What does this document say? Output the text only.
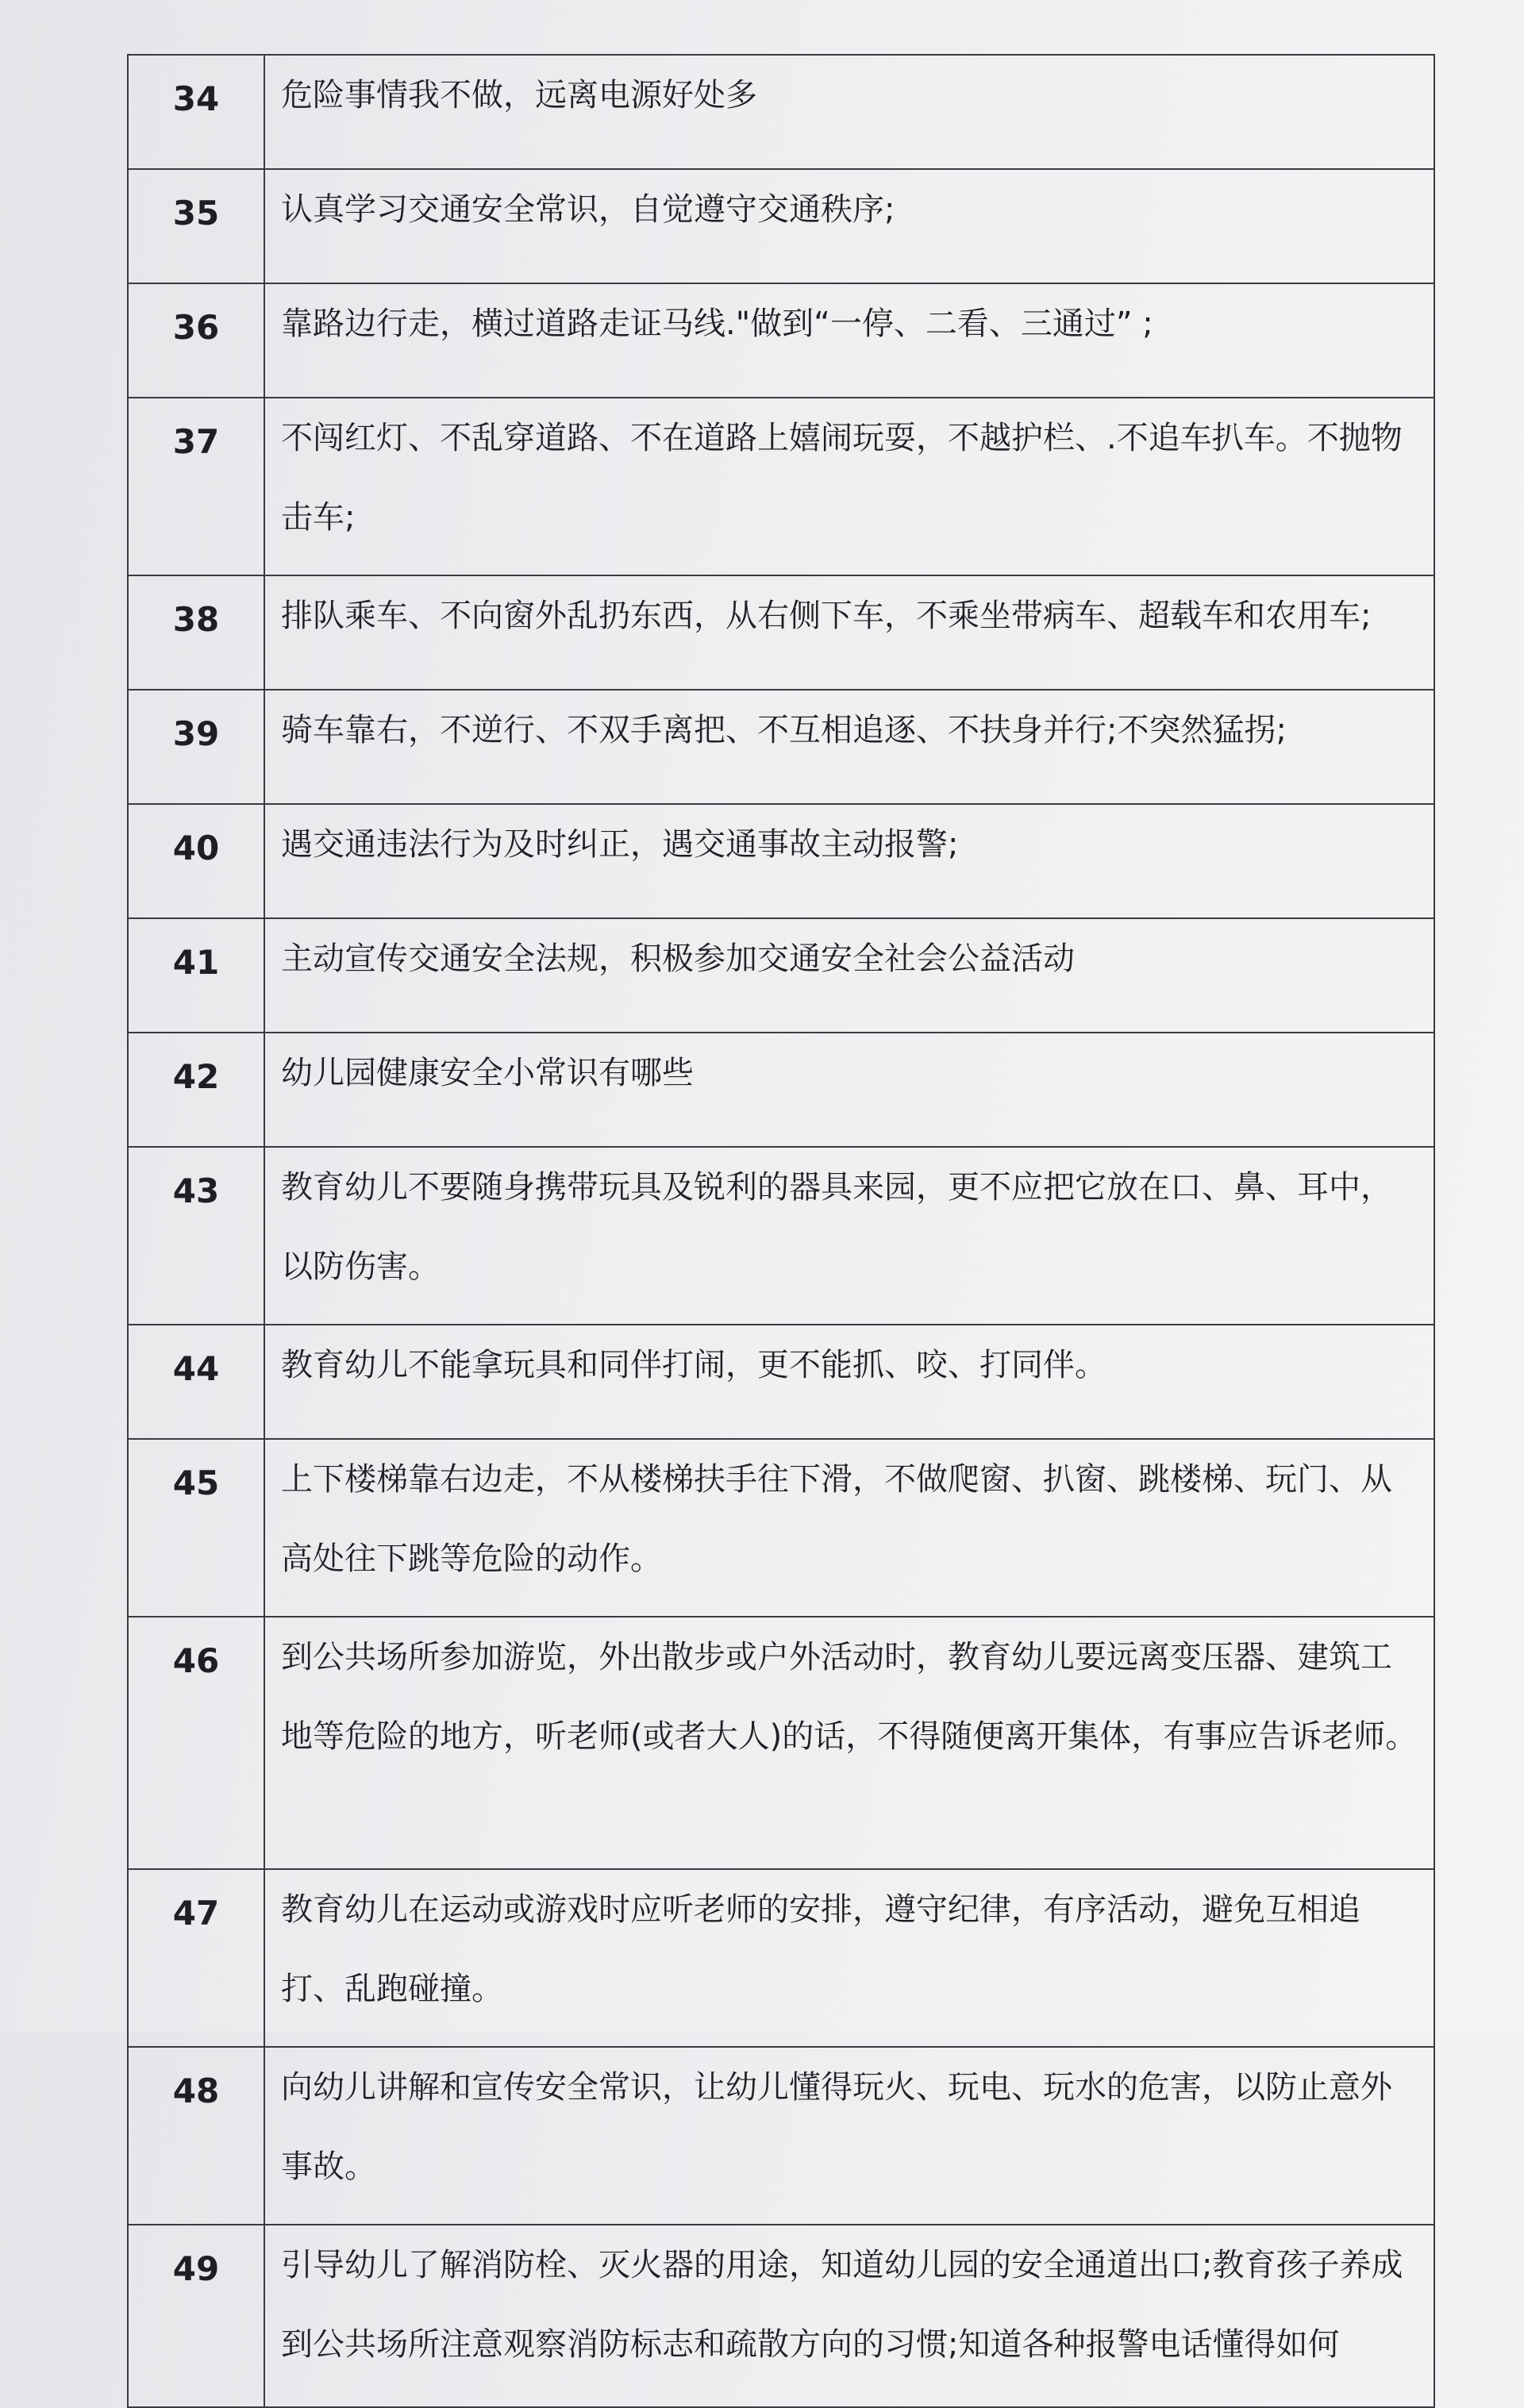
34	危险事情我不做，远离电源好处多
35	认真学习交通安全常识，自觉遵守交通秩序;
36	靠路边行走，横过道路走证马线."做到“一停、二看、三通过” ;
37	不闯红灯、不乱穿道路、不在道路上嬉闹玩耍，不越护栏、.不追车扒车。不抛物击车;
38	排队乘车、不向窗外乱扔东西，从右侧下车，不乘坐带病车、超载车和农用车;
39	骑车靠右，不逆行、不双手离把、不互相追逐、不扶身并行;不突然猛拐;
40	遇交通违法行为及时纠正，遇交通事故主动报警;
41	主动宣传交通安全法规，积极参加交通安全社会公益活动
42	幼儿园健康安全小常识有哪些
43	教育幼儿不要随身携带玩具及锐利的器具来园，更不应把它放在口、鼻、耳中，以防伤害。
44	教育幼儿不能拿玩具和同伴打闹，更不能抓、咬、打同伴。
45	上下楼梯靠右边走，不从楼梯扶手往下滑，不做爬窗、扒窗、跳楼梯、玩门、从高处往下跳等危险的动作。
46	到公共场所参加游览，外出散步或户外活动时，教育幼儿要远离变压器、建筑工地等危险的地方，听老师(或者大人)的话，不得随便离开集体，有事应告诉老师。
47	教育幼儿在运动或游戏时应听老师的安排，遵守纪律，有序活动，避免互相追打、乱跑碰撞。
48	向幼儿讲解和宣传安全常识，让幼儿懂得玩火、玩电、玩水的危害，以防止意外事故。
49	引导幼儿了解消防栓、灭火器的用途，知道幼儿园的安全通道出口;教育孩子养成到公共场所注意观察消防标志和疏散方向的习惯;知道各种报警电话懂得如何
